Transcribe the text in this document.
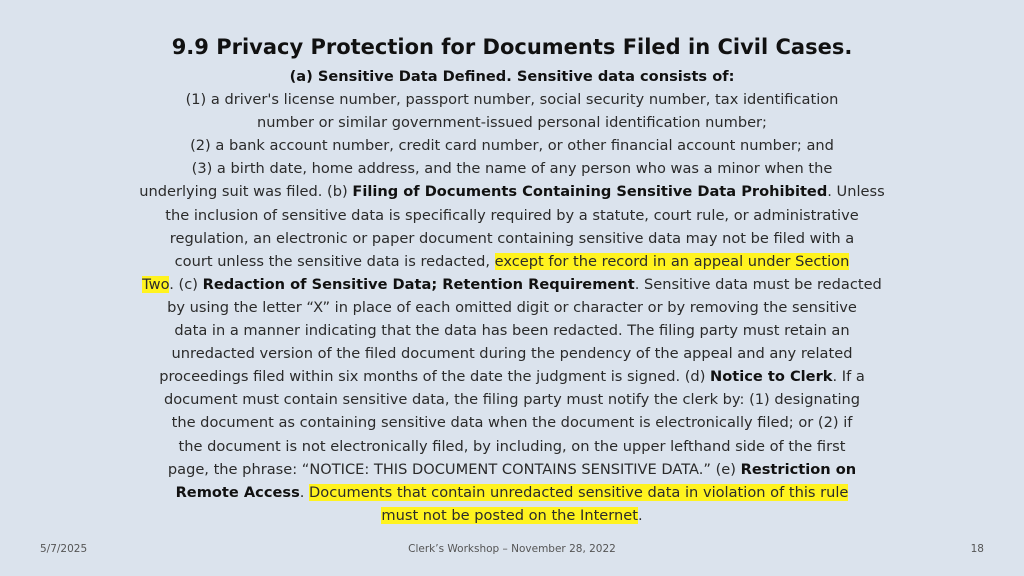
9.9 Privacy Protection for Documents Filed in Civil Cases.
(a) Sensitive Data Defined. Sensitive data consists of:
(1) a driver's license number, passport number, social security number, tax identification
number or similar government-issued personal identification number;
(2) a bank account number, credit card number, or other financial account number; and
(3) a birth date, home address, and the name of any person who was a minor when the
underlying suit was filed. (b) Filing of Documents Containing Sensitive Data Prohibited. Unless
the inclusion of sensitive data is specifically required by a statute, court rule, or administrative
regulation, an electronic or paper document containing sensitive data may not be filed with a
court unless the sensitive data is redacted, except for the record in an appeal under Section
Two. (c) Redaction of Sensitive Data; Retention Requirement. Sensitive data must be redacted
by using the letter “X” in place of each omitted digit or character or by removing the sensitive
data in a manner indicating that the data has been redacted. The filing party must retain an
unredacted version of the filed document during the pendency of the appeal and any related
proceedings filed within six months of the date the judgment is signed. (d) Notice to Clerk. If a
document must contain sensitive data, the filing party must notify the clerk by: (1) designating
the document as containing sensitive data when the document is electronically filed; or (2) if
the document is not electronically filed, by including, on the upper lefthand side of the first
page, the phrase: “NOTICE: THIS DOCUMENT CONTAINS SENSITIVE DATA.” (e) Restriction on
Remote Access. Documents that contain unredacted sensitive data in violation of this rule
must not be posted on the Internet.
5/7/2025	Clerk’s Workshop – November 28, 2022	18
